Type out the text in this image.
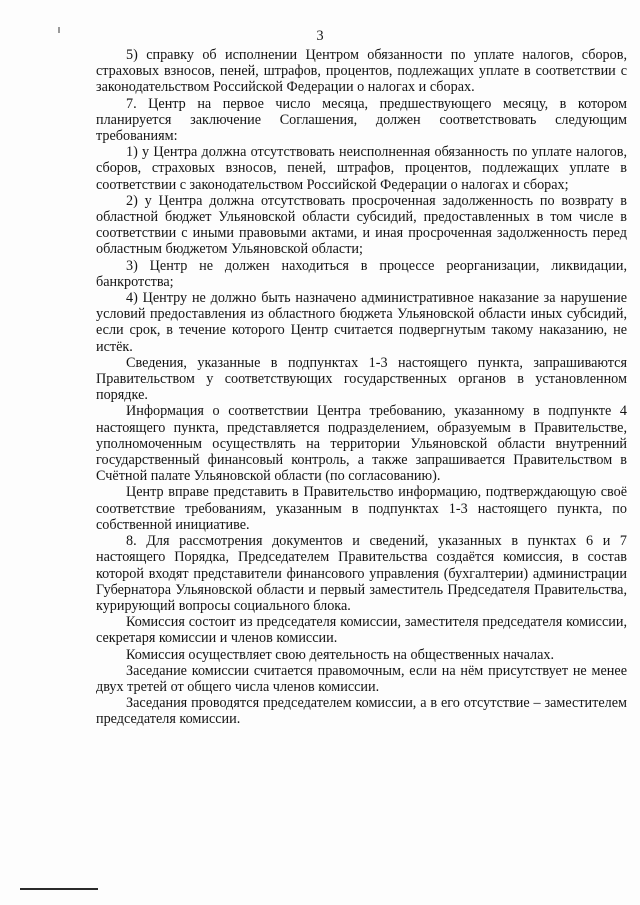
3

5) справку об исполнении Центром обязанности по уплате налогов, сборов, страховых взносов, пеней, штрафов, процентов, подлежащих уплате в соответствии с законодательством Российской Федерации о налогах и сборах.

7. Центр на первое число месяца, предшествующего месяцу, в котором планируется заключение Соглашения, должен соответствовать следующим требованиям:

1) у Центра должна отсутствовать неисполненная обязанность по уплате налогов, сборов, страховых взносов, пеней, штрафов, процентов, подлежащих уплате в соответствии с законодательством Российской Федерации о налогах и сборах;

2) у Центра должна отсутствовать просроченная задолженность по возврату в областной бюджет Ульяновской области субсидий, предоставленных в том числе в соответствии с иными правовыми актами, и иная просроченная задолженность перед областным бюджетом Ульяновской области;

3) Центр не должен находиться в процессе реорганизации, ликвидации, банкротства;

4) Центру не должно быть назначено административное наказание за нарушение условий предоставления из областного бюджета Ульяновской области иных субсидий, если срок, в течение которого Центр считается подвергнутым такому наказанию, не истёк.

Сведения, указанные в подпунктах 1-3 настоящего пункта, запрашиваются Правительством у соответствующих государственных органов в установленном порядке.

Информация о соответствии Центра требованию, указанному в подпункте 4 настоящего пункта, представляется подразделением, образуемым в Правительстве, уполномоченным осуществлять на территории Ульяновской области внутренний государственный финансовый контроль, а также запрашивается Правительством в Счётной палате Ульяновской области (по согласованию).

Центр вправе представить в Правительство информацию, подтверждающую своё соответствие требованиям, указанным в подпунктах 1-3 настоящего пункта, по собственной инициативе.

8. Для рассмотрения документов и сведений, указанных в пунктах 6 и 7 настоящего Порядка, Председателем Правительства создаётся комиссия, в состав которой входят представители финансового управления (бухгалтерии) администрации Губернатора Ульяновской области и первый заместитель Председателя Правительства, курирующий вопросы социального блока.

Комиссия состоит из председателя комиссии, заместителя председателя комиссии, секретаря комиссии и членов комиссии.

Комиссия осуществляет свою деятельность на общественных началах.

Заседание комиссии считается правомочным, если на нём присутствует не менее двух третей от общего числа членов комиссии.

Заседания проводятся председателем комиссии, а в его отсутствие – заместителем председателя комиссии.
